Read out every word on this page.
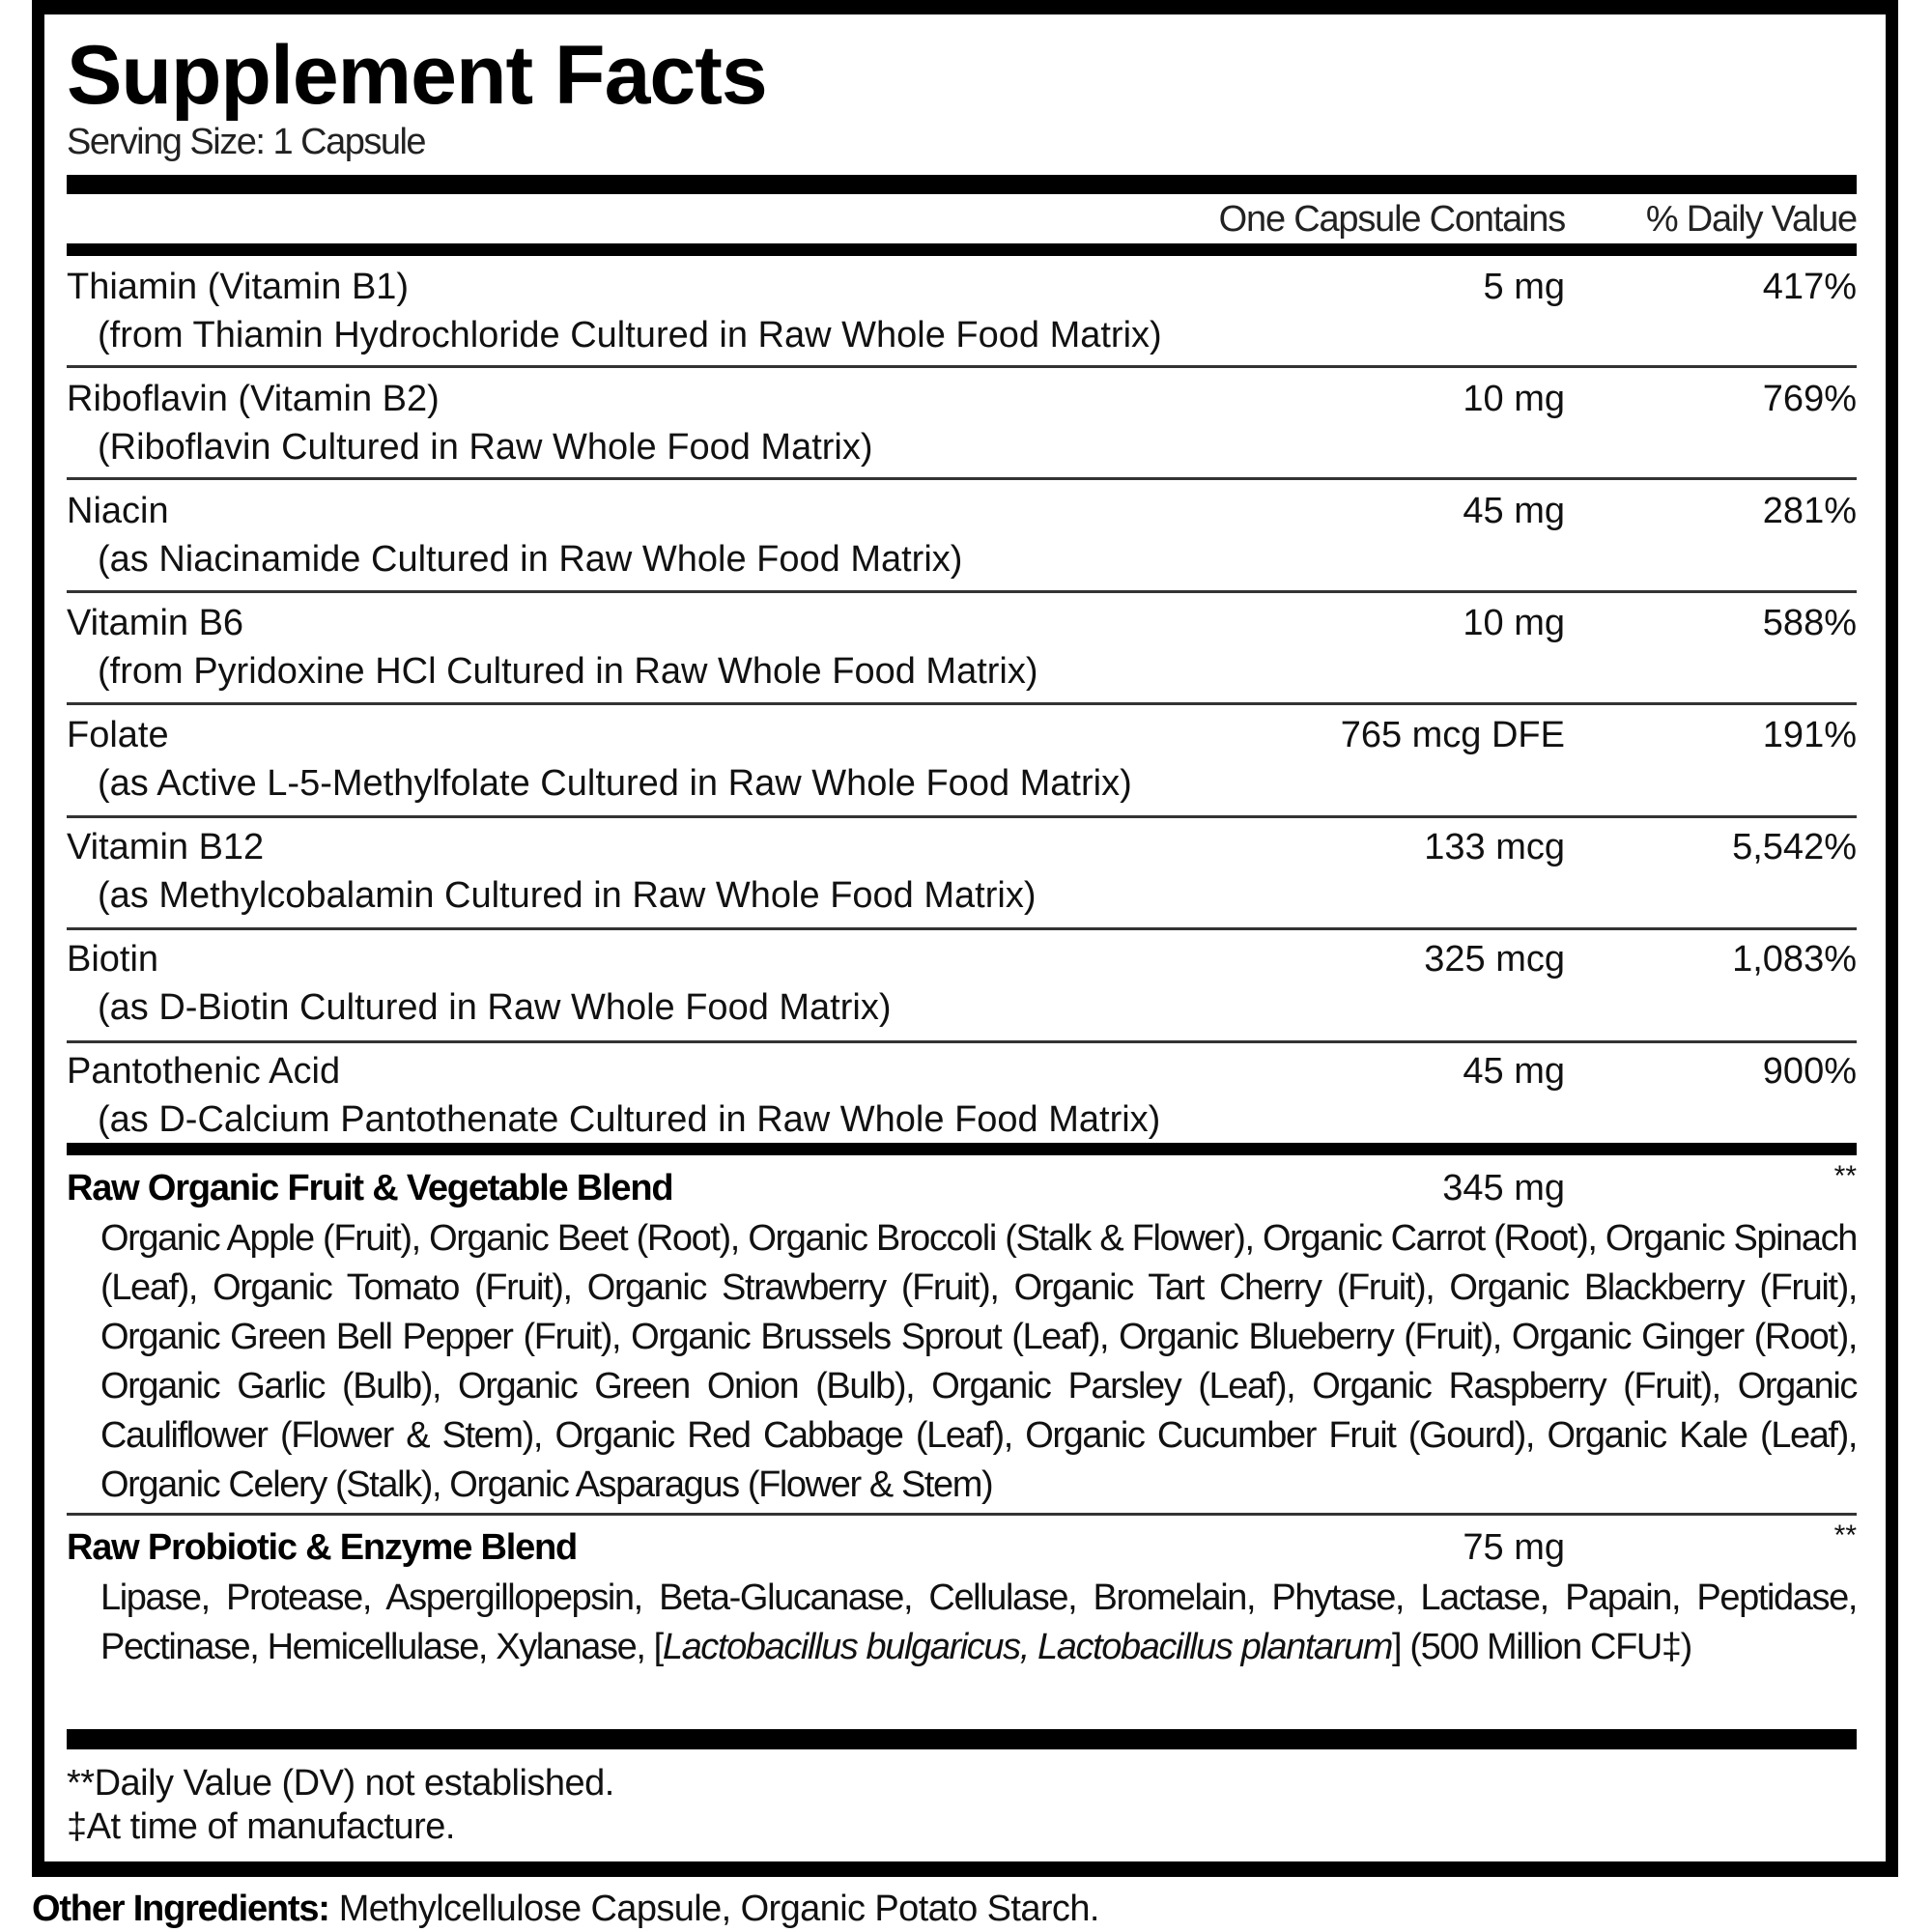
Supplement Facts
Serving Size: 1 Capsule
One Capsule Contains % Daily Value
Thiamin (Vitamin B1)
(from Thiamin Hydrochloride Cultured in Raw Whole Food Matrix)
5 mg	417%
Riboflavin (Vitamin B2)
(Riboflavin Cultured in Raw Whole Food Matrix)
10 mg	769%
Niacin
(as Niacinamide Cultured in Raw Whole Food Matrix)
45 mg	281%
Vitamin B6
(from Pyridoxine HCl Cultured in Raw Whole Food Matrix)
10 mg	588%
Folate
(as Active L-5-Methylfolate Cultured in Raw Whole Food Matrix)
765 mcg DFE	191%
Vitamin B12
(as Methylcobalamin Cultured in Raw Whole Food Matrix)
133 mcg	5,542%
Biotin
(as D-Biotin Cultured in Raw Whole Food Matrix)
325 mcg	1,083%
Pantothenic Acid
(as D-Calcium Pantothenate Cultured in Raw Whole Food Matrix)
45 mg	900%
Raw Organic Fruit & Vegetable Blend	345 mg	**
Organic Apple (Fruit), Organic Beet (Root), Organic Broccoli (Stalk & Flower), Organic Carrot (Root), Organic Spinach (Leaf), Organic Tomato (Fruit), Organic Strawberry (Fruit), Organic Tart Cherry (Fruit), Organic Blackberry (Fruit), Organic Green Bell Pepper (Fruit), Organic Brussels Sprout (Leaf), Organic Blueberry (Fruit), Organic Ginger (Root), Organic Garlic (Bulb), Organic Green Onion (Bulb), Organic Parsley (Leaf), Organic Raspberry (Fruit), Organic Cauliflower (Flower & Stem), Organic Red Cabbage (Leaf), Organic Cucumber Fruit (Gourd), Organic Kale (Leaf), Organic Celery (Stalk), Organic Asparagus (Flower & Stem)
Raw Probiotic & Enzyme Blend	75 mg	**
Lipase, Protease, Aspergillopepsin, Beta-Glucanase, Cellulase, Bromelain, Phytase, Lactase, Papain, Peptidase, Pectinase, Hemicellulase, Xylanase, [Lactobacillus bulgaricus, Lactobacillus plantarum] (500 Million CFU‡)
**Daily Value (DV) not established.
‡At time of manufacture.
Other Ingredients: Methylcellulose Capsule, Organic Potato Starch.
